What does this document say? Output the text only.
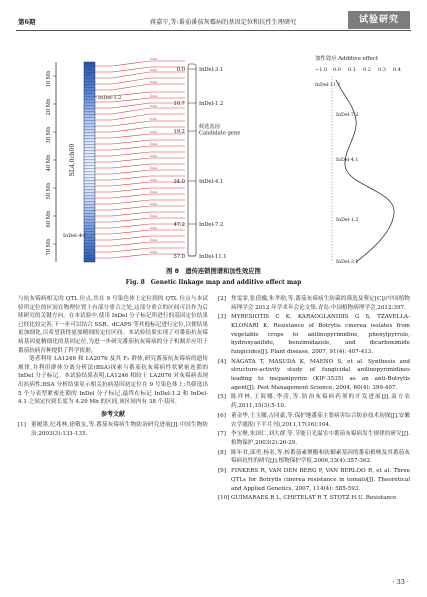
第6期	蒋嘉宁,等:番茄番茄灰霉病的基因定位和抗性生理研究	试验研究
10 Mb
20 Mb
30 Mb
40 Mb
50 Mb
60 Mb
70 Mb
SL4.0ch09
InDel-1.2
InDel-4.1
InDel
InDel
InDel
InDel
InDel
InDel
InDel
InDel
InDel
InDel
InDel
InDel
InDel
InDel
InDel
InDel
InDel
0.0	InDel-3.1
10.7	InDel-1.2
19.2
34.0	InDel-4.1
47.2	InDel-7.2
57.0	InDel-11.1
候选基因 Candidate gene
加性效应 Additive effect
−1.0 0.0 0.1 0.2 0.3 0.4
InDel-11.1
InDel-7.2
InDel-4.1
InDel-1.2
InDel-3.1
图 8　遗传连锁图谱和加性效应图
Fig. 8　Genetic linkage map and additive effect map

与抗灰霉病相关的 QTL 位点,其在 9 号染色体上定位到的 QTL 位点与本试验所定位的区间在物理位置上有部分重合之处,这部分重合的区间可以作为后续研究的关键方向。在本试验中,使用 InDel 分子标记所进行的基因定位结果已经比较完善,下一步可以结合 SSR、dCAPS 等其他标记进行定位,以便结果更加细化,以希望获得更加精细的定位区间。本试验结果实现了对番茄抗灰霉病基因更精细化的基因定位,为进一步研究番茄抗灰霉病的分子机制并应用于番茄抗病育种提供了科学依据。

笔者利用 LA1246 和 LA2076 及其 F₂ 群体,研究番茄抗灰霉病的遗传规律,并利用群体分离分析法(BSA)探索与番茄抗灰霉病性状紧密连锁的 InDel 分子标记。本试验结果表明,LA1246 相较于 LA2076 对灰霉病表现出抗病性;BSA 分析结果显示相关抗病基因初定位在 9 号染色体上;共筛选出 5 个与表型紧密连锁的 InDel 分子标记,最终在标记 InDel-1.2 和 InDel-4.1 之间定位到长度为 4.29 Mb 的区间,该区间内有 38 个基因。

参考文献
[1] 董履墨,纪兆林,徐敬友,等.番茄灰霉病生物防治研究进展[J].中国生物防治,2003(3):131-135.
[2] 焦雯霏,张倩骥,朱孝勋,等.番茄灰霉病生防菌的筛选及鉴定[C]//中国植物病理学会 2012 年学术年会论文集.青岛:中国植物病理学会,2012:397.
[3] MYRESIOTIS C K, KARAOGLANIDIS G S, TZAVELLA-KLONARI K. Resistance of Botrytis cinerea isolates from vegetable crops to anilinopyrimidine, phenylpyrrole, hydroxyanilide, benzimidazole, and dicarboximide fungicides[J]. Plant disease, 2007, 91(4): 407-413.
[4] NAGATA T, MASUDA K, MAENO S, et al. Synthesis and structure-activity study of fungicidal anilinopyrimidines leading to mepanipyrim (KIF-3535) as an anti-Botrytis agent[J]. Pest Management Science, 2004, 60(4): 399-407.
[5] 陈祥林,王海娜,李涛,等.防治灰霉病药剂的开发进展[J].南方农药,2011,15(3):5-10.
[6] 董金华,王玉娜,古同豪,等.保护地番茄主要病害综合防治技术初探[J].安徽农学通报(下半月刊),2011,17(16):104.
[7] 李宝聚,朱国仁,刘大群,等.节能日光温室中番茄灰霉病发生规律的研究[J].植物保护,2003(2):26-29.
[8] 陈年君,邱勇,杨名,等.转番茄素聚酶和防御素基因的番茄植株及其番茄灰霉病抗性的研究[J].植物保护学报,2006,33(4):357-362.
[9] FINKERS R, VAN DEN BERG P, VAN BERLOO R, et al. Three QTLs for Botrytis cinerea resistance in tomato[J]. Theoretical and Applied Genetics, 2007, 114(4): 585-593.
[10] GUIMARAES R L, CHETELAT R T, STOTZ H U. Resistance
· 33 ·
